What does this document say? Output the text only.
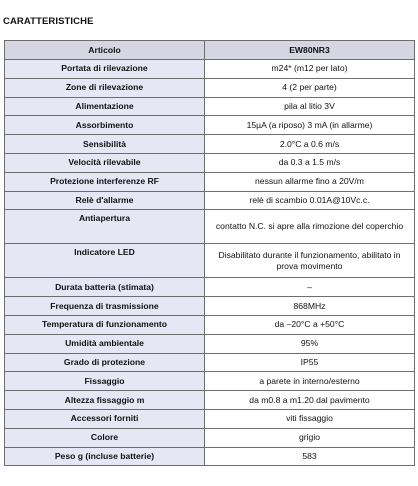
CARATTERISTICHE
Articolo	EW80NR3
Portata di rilevazione	m24* (m12 per lato)
Zone di rilevazione	4 (2 per parte)
Alimentazione	pila al litio 3V
Assorbimento	15µA (a riposo) 3 mA (in allarme)
Sensibilità	2.0°C a 0.6 m/s
Velocità rilevabile	da 0.3 a 1.5 m/s
Protezione interferenze RF	nessun allarme fino a 20V/m
Relè d'allarme	relè di scambio 0.01A@10Vc.c.
Antiapertura	contatto N.C. si apre alla rimozione del coperchio
Indicatore LED	Disabilitato durante il funzionamento, abilitato in prova movimento
Durata batteria (stimata)	–
Frequenza di trasmissione	868MHz
Temperatura di funzionamento	da –20°C a +50°C
Umidità ambientale	95%
Grado di protezione	IP55
Fissaggio	a parete in interno/esterno
Altezza fissaggio m	da m0.8 a m1.20 dal pavimento
Accessori forniti	viti fissaggio
Colore	grigio
Peso g (incluse batterie)	583
